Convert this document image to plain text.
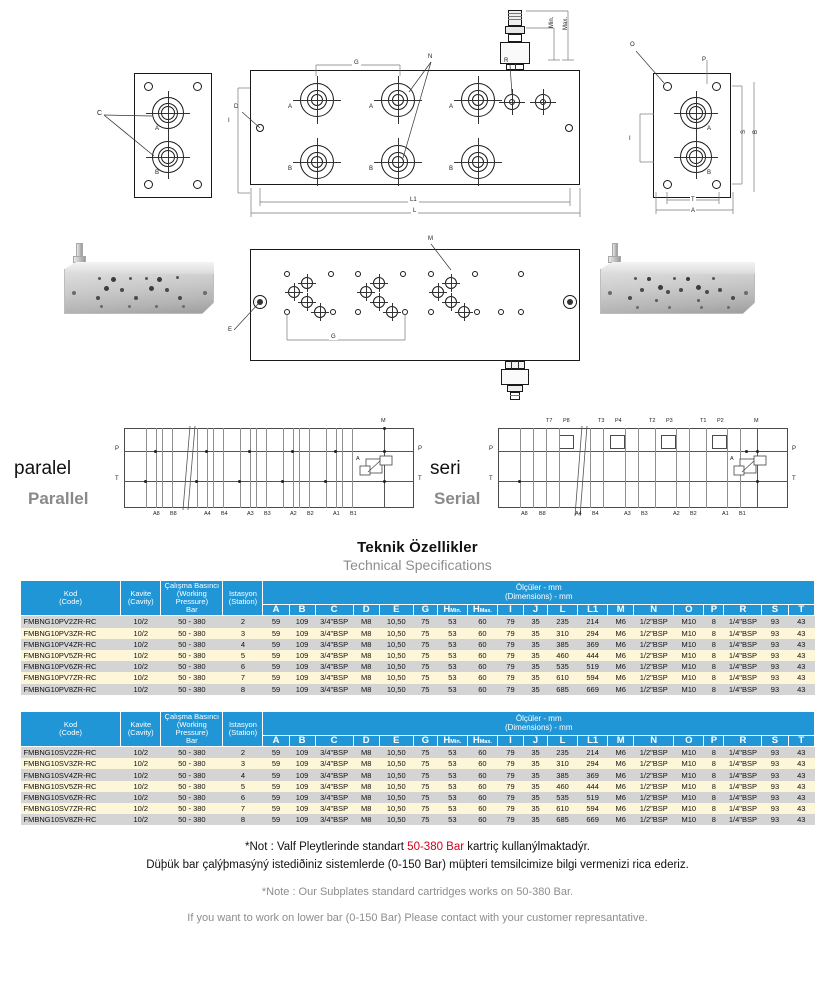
C
A
B
Min. Max.
A	A	A
B	B	B
G
N
R
D
I
L1
L
A
B
O
P
S B
I
T
A
M
E
G
paralel
Parallel
P
T
P
T
M
A
A8 B8	A4 B4	A3 B3	A2 B2	A1 B1
seri
Serial
P
T
P
T
M
A
T7 P8	T3 P4	T2 P3	T1 P2
A8 B8	A4 B4	A3 B3	A2 B2	A1 B1
Teknik Özellikler
Technical Specifications
Kod
(Code)	Kavite
(Cavity)	Çalışma Basıncı
(Working Pressure)
Bar	Istasyon
(Station)	Ölçüler - mm
(Dimensions) - mm																		
				A	B	C	D	E	G	HMin.	HMax.	I	J	L	L1	M	N	O	P	R	S	T
FMBNG10PV2ZR-RC	10/2	50 - 380	2	59	109	3/4"BSP	M8	10,50	75	53	60	79	35	235	214	M6	1/2"BSP	M10	8	1/4"BSP	93	43
FMBNG10PV3ZR-RC	10/2	50 - 380	3	59	109	3/4"BSP	M8	10,50	75	53	60	79	35	310	294	M6	1/2"BSP	M10	8	1/4"BSP	93	43
FMBNG10PV4ZR-RC	10/2	50 - 380	4	59	109	3/4"BSP	M8	10,50	75	53	60	79	35	385	369	M6	1/2"BSP	M10	8	1/4"BSP	93	43
FMBNG10PV5ZR-RC	10/2	50 - 380	5	59	109	3/4"BSP	M8	10,50	75	53	60	79	35	460	444	M6	1/2"BSP	M10	8	1/4"BSP	93	43
FMBNG10PV6ZR-RC	10/2	50 - 380	6	59	109	3/4"BSP	M8	10,50	75	53	60	79	35	535	519	M6	1/2"BSP	M10	8	1/4"BSP	93	43
FMBNG10PV7ZR-RC	10/2	50 - 380	7	59	109	3/4"BSP	M8	10,50	75	53	60	79	35	610	594	M6	1/2"BSP	M10	8	1/4"BSP	93	43
FMBNG10PV8ZR-RC	10/2	50 - 380	8	59	109	3/4"BSP	M8	10,50	75	53	60	79	35	685	669	M6	1/2"BSP	M10	8	1/4"BSP	93	43
Kod
(Code)	Kavite
(Cavity)	Çalışma Basıncı
(Working Pressure)
Bar	Istasyon
(Station)	Ölçüler - mm
(Dimensions) - mm																		
				A	B	C	D	E	G	HMin.	HMax.	I	J	L	L1	M	N	O	P	R	S	T
FMBNG10SV2ZR-RC	10/2	50 - 380	2	59	109	3/4"BSP	M8	10,50	75	53	60	79	35	235	214	M6	1/2"BSP	M10	8	1/4"BSP	93	43
FMBNG10SV3ZR-RC	10/2	50 - 380	3	59	109	3/4"BSP	M8	10,50	75	53	60	79	35	310	294	M6	1/2"BSP	M10	8	1/4"BSP	93	43
FMBNG10SV4ZR-RC	10/2	50 - 380	4	59	109	3/4"BSP	M8	10,50	75	53	60	79	35	385	369	M6	1/2"BSP	M10	8	1/4"BSP	93	43
FMBNG10SV5ZR-RC	10/2	50 - 380	5	59	109	3/4"BSP	M8	10,50	75	53	60	79	35	460	444	M6	1/2"BSP	M10	8	1/4"BSP	93	43
FMBNG10SV6ZR-RC	10/2	50 - 380	6	59	109	3/4"BSP	M8	10,50	75	53	60	79	35	535	519	M6	1/2"BSP	M10	8	1/4"BSP	93	43
FMBNG10SV7ZR-RC	10/2	50 - 380	7	59	109	3/4"BSP	M8	10,50	75	53	60	79	35	610	594	M6	1/2"BSP	M10	8	1/4"BSP	93	43
FMBNG10SV8ZR-RC	10/2	50 - 380	8	59	109	3/4"BSP	M8	10,50	75	53	60	79	35	685	669	M6	1/2"BSP	M10	8	1/4"BSP	93	43
*Not : Valf Pleytlerinde standart 50-380 Bar kartriç kullanýlmaktadýr.
Düþük bar çalýþmasýný istediðiniz sistemlerde (0-150 Bar) müþteri temsilcimize bilgi vermenizi rica ederiz.
*Note : Our Subplates standard cartridges works on 50-380 Bar.
If you want to work on lower bar (0-150 Bar) Please contact with your customer represantative.
